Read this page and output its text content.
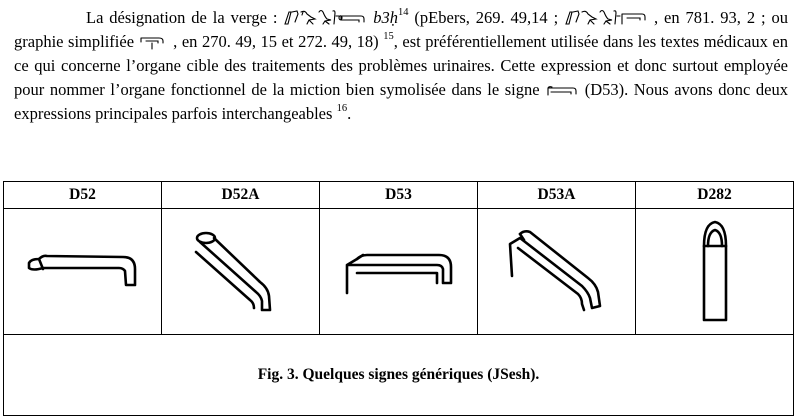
La désignation de la verge :	b3ḥ$^{14}$ (pEbers, 269. 49,14 ;	, en 781. 93, 2 ; ou graphie simplifiée
, en 270. 49, 15 et 272. 49, 18) $^{15}$, est préférentiellement utilisée dans les textes médicaux en ce qui concerne l’organe cible des traitements des problèmes urinaires. Cette expression et donc surtout employée pour nommer l’organe fonctionnel de la miction bien symolisée dans le signe
(D53). Nous avons donc deux expressions principales parfois interchangeables $^{16}$.
D52	D52A	D53	D53A	D282

Fig. 3. Quelques signes génériques (JSesh).				
